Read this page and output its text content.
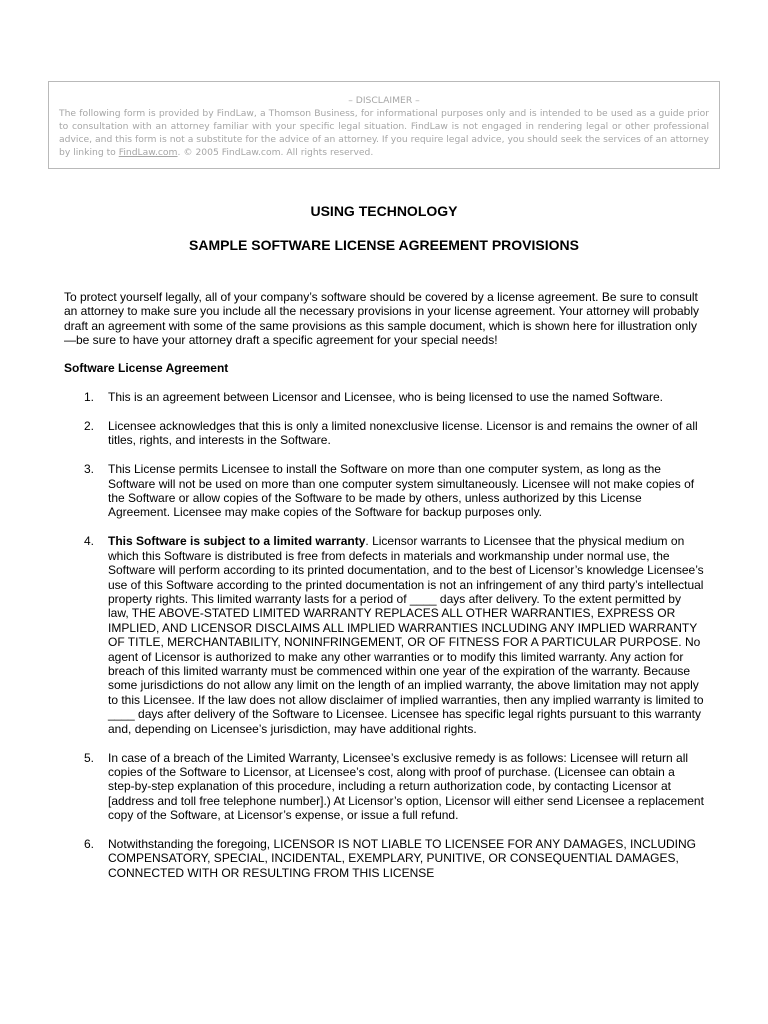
– DISCLAIMER –
The following form is provided by FindLaw, a Thomson Business, for informational purposes only and is intended to be used as a guide prior to consultation with an attorney familiar with your specific legal situation. FindLaw is not engaged in rendering legal or other professional advice, and this form is not a substitute for the advice of an attorney. If you require legal advice, you should seek the services of an attorney by linking to FindLaw.com. © 2005 FindLaw.com. All rights reserved.
USING TECHNOLOGY
SAMPLE SOFTWARE LICENSE AGREEMENT PROVISIONS
To protect yourself legally, all of your company’s software should be covered by a license agreement. Be sure to consult an attorney to make sure you include all the necessary provisions in your license agreement. Your attorney will probably draft an agreement with some of the same provisions as this sample document, which is shown here for illustration only—be sure to have your attorney draft a specific agreement for your special needs!
Software License Agreement
1. This is an agreement between Licensor and Licensee, who is being licensed to use the named Software.
2. Licensee acknowledges that this is only a limited nonexclusive license. Licensor is and remains the owner of all titles, rights, and interests in the Software.
3. This License permits Licensee to install the Software on more than one computer system, as long as the Software will not be used on more than one computer system simultaneously. Licensee will not make copies of the Software or allow copies of the Software to be made by others, unless authorized by this License Agreement. Licensee may make copies of the Software for backup purposes only.
4. This Software is subject to a limited warranty. Licensor warrants to Licensee that the physical medium on which this Software is distributed is free from defects in materials and workmanship under normal use, the Software will perform according to its printed documentation, and to the best of Licensor’s knowledge Licensee’s use of this Software according to the printed documentation is not an infringement of any third party’s intellectual property rights. This limited warranty lasts for a period of ____ days after delivery. To the extent permitted by law, THE ABOVE-STATED LIMITED WARRANTY REPLACES ALL OTHER WARRANTIES, EXPRESS OR IMPLIED, AND LICENSOR DISCLAIMS ALL IMPLIED WARRANTIES INCLUDING ANY IMPLIED WARRANTY OF TITLE, MERCHANTABILITY, NONINFRINGEMENT, OR OF FITNESS FOR A PARTICULAR PURPOSE. No agent of Licensor is authorized to make any other warranties or to modify this limited warranty. Any action for breach of this limited warranty must be commenced within one year of the expiration of the warranty. Because some jurisdictions do not allow any limit on the length of an implied warranty, the above limitation may not apply to this Licensee. If the law does not allow disclaimer of implied warranties, then any implied warranty is limited to ____ days after delivery of the Software to Licensee. Licensee has specific legal rights pursuant to this warranty and, depending on Licensee’s jurisdiction, may have additional rights.
5. In case of a breach of the Limited Warranty, Licensee’s exclusive remedy is as follows: Licensee will return all copies of the Software to Licensor, at Licensee’s cost, along with proof of purchase. (Licensee can obtain a step-by-step explanation of this procedure, including a return authorization code, by contacting Licensor at [address and toll free telephone number].) At Licensor’s option, Licensor will either send Licensee a replacement copy of the Software, at Licensor’s expense, or issue a full refund.
6. Notwithstanding the foregoing, LICENSOR IS NOT LIABLE TO LICENSEE FOR ANY DAMAGES, INCLUDING COMPENSATORY, SPECIAL, INCIDENTAL, EXEMPLARY, PUNITIVE, OR CONSEQUENTIAL DAMAGES, CONNECTED WITH OR RESULTING FROM THIS LICENSE
